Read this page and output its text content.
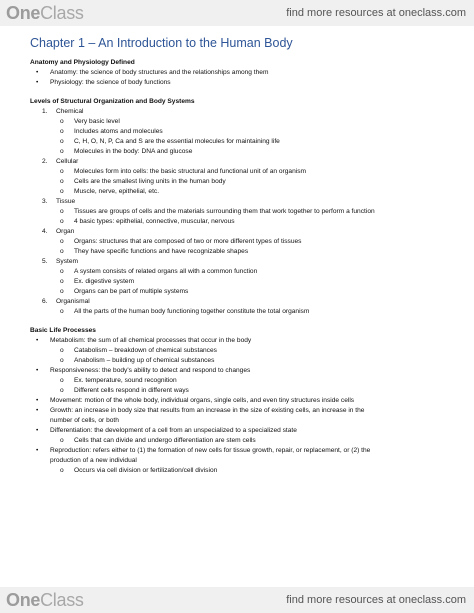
OneClass	find more resources at oneclass.com
Chapter 1 – An Introduction to the Human Body
Anatomy and Physiology Defined
• Anatomy: the science of body structures and the relationships among them
• Physiology: the science of body functions
Levels of Structural Organization and Body Systems
1. Chemical
o Very basic level
o Includes atoms and molecules
o C, H, O, N, P, Ca and S are the essential molecules for maintaining life
o Molecules in the body: DNA and glucose
2. Cellular
o Molecules form into cells: the basic structural and functional unit of an organism
o Cells are the smallest living units in the human body
o Muscle, nerve, epithelial, etc.
3. Tissue
o Tissues are groups of cells and the materials surrounding them that work together to perform a function
o 4 basic types: epithelial, connective, muscular, nervous
4. Organ
o Organs: structures that are composed of two or more different types of tissues
o They have specific functions and have recognizable shapes
5. System
o A system consists of related organs all with a common function
o Ex. digestive system
o Organs can be part of multiple systems
6. Organismal
o All the parts of the human body functioning together constitute the total organism
Basic Life Processes
• Metabolism: the sum of all chemical processes that occur in the body
o Catabolism – breakdown of chemical substances
o Anabolism – building up of chemical substances
• Responsiveness: the body's ability to detect and respond to changes
o Ex. temperature, sound recognition
o Different cells respond in different ways
• Movement: motion of the whole body, individual organs, single cells, and even tiny structures inside cells
• Growth: an increase in body size that results from an increase in the size of existing cells, an increase in the
number of cells, or both
• Differentiation: the development of a cell from an unspecialized to a specialized state
o Cells that can divide and undergo differentiation are stem cells
• Reproduction: refers either to (1) the formation of new cells for tissue growth, repair, or replacement, or (2) the
production of a new individual
o Occurs via cell division or fertilization/cell division
OneClass	find more resources at oneclass.com
